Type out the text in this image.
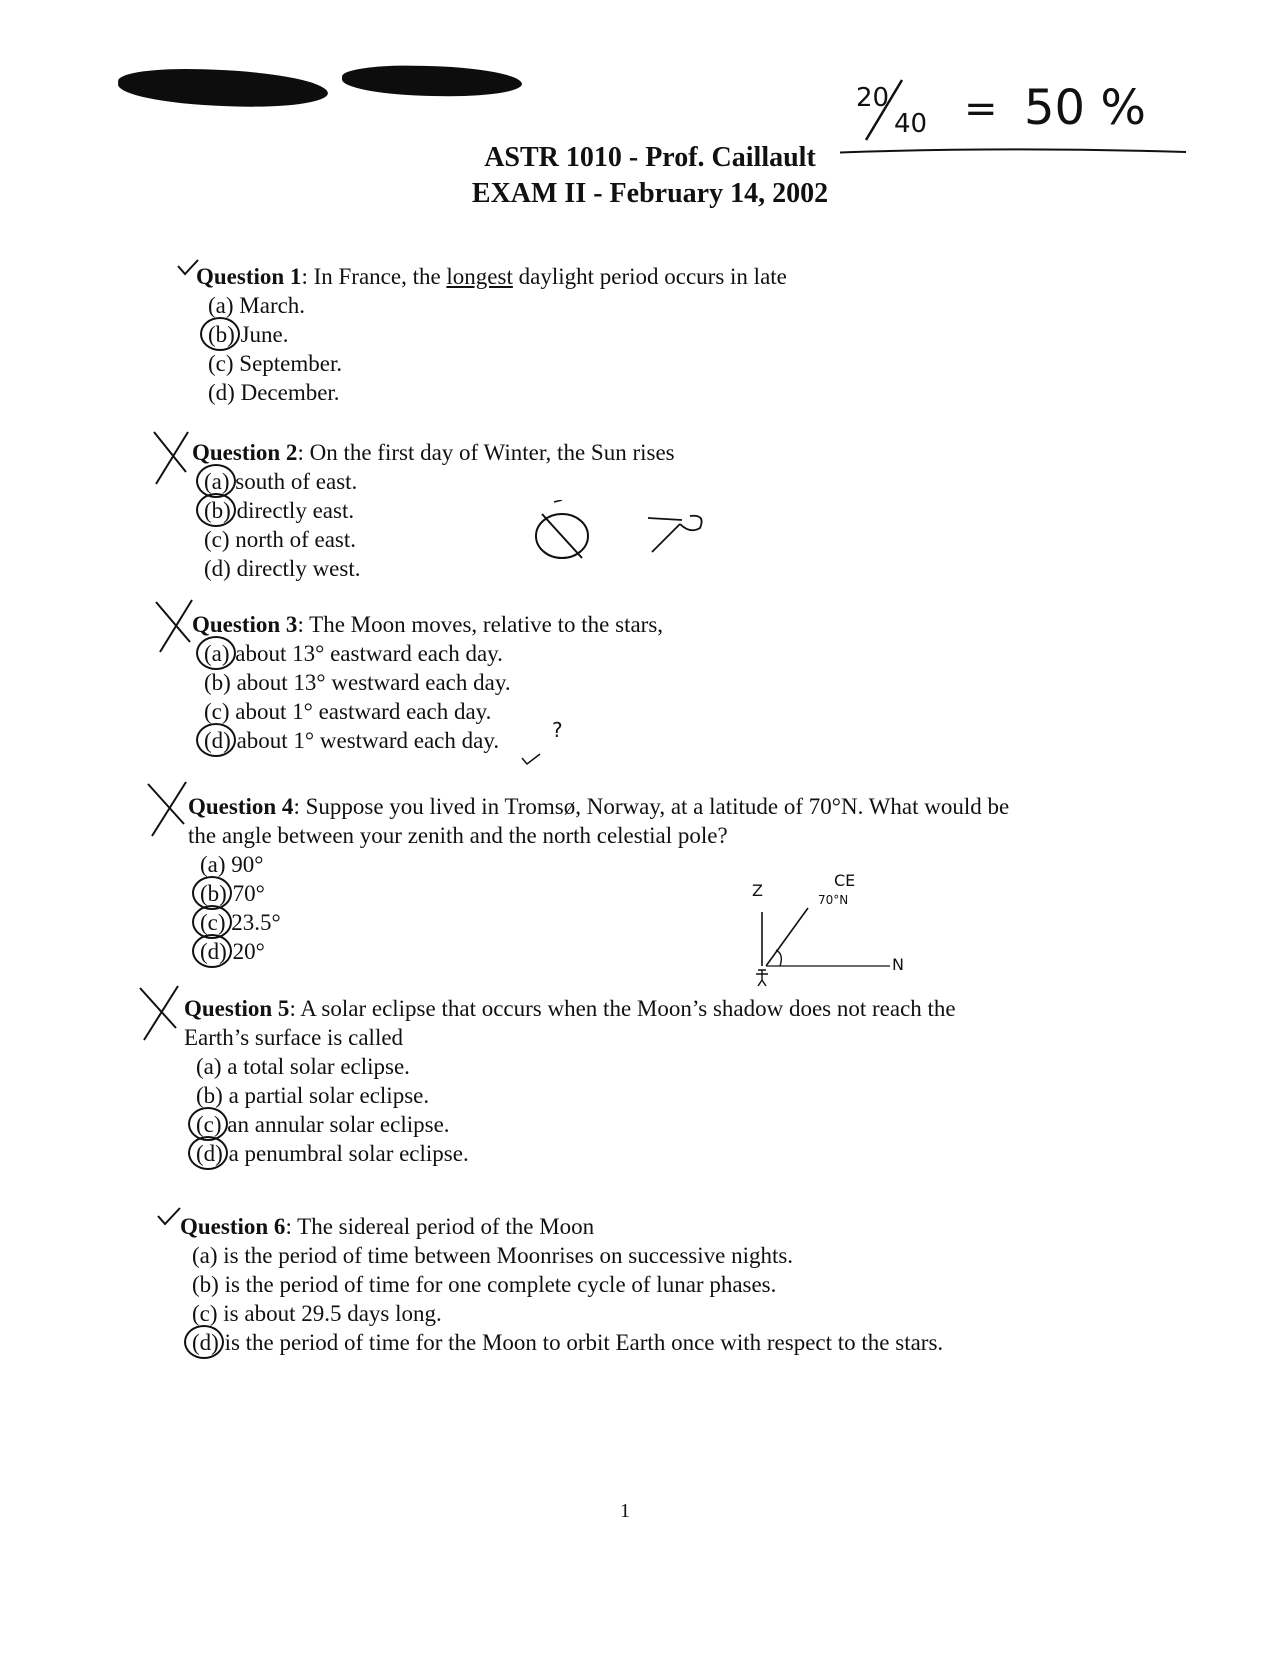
20
40 = 50 %
ASTR 1010 - Prof. Caillault
EXAM II - February 14, 2002
Question 1: In France, the longest daylight period occurs in late
(a) March.
(b) June.
(c) September.
(d) December.
Question 2: On the first day of Winter, the Sun rises
(a) south of east.
(b) directly east.
(c) north of east.
(d) directly west.
Question 3: The Moon moves, relative to the stars,
(a) about 13° eastward each day.
(b) about 13° westward each day.
(c) about 1° eastward each day.
(d) about 1° westward each day.	?
Question 4: Suppose you lived in Tromsø, Norway, at a latitude of 70°N. What would be
the angle between your zenith and the north celestial pole?
(a) 90°
(b) 70°
(c) 23.5°
(d) 20°
Z
CE
70°N
N
Question 5: A solar eclipse that occurs when the Moon’s shadow does not reach the
Earth’s surface is called
(a) a total solar eclipse.
(b) a partial solar eclipse.
(c) an annular solar eclipse.
(d) a penumbral solar eclipse.
Question 6: The sidereal period of the Moon
(a) is the period of time between Moonrises on successive nights.
(b) is the period of time for one complete cycle of lunar phases.
(c) is about 29.5 days long.
(d) is the period of time for the Moon to orbit Earth once with respect to the stars.
1
